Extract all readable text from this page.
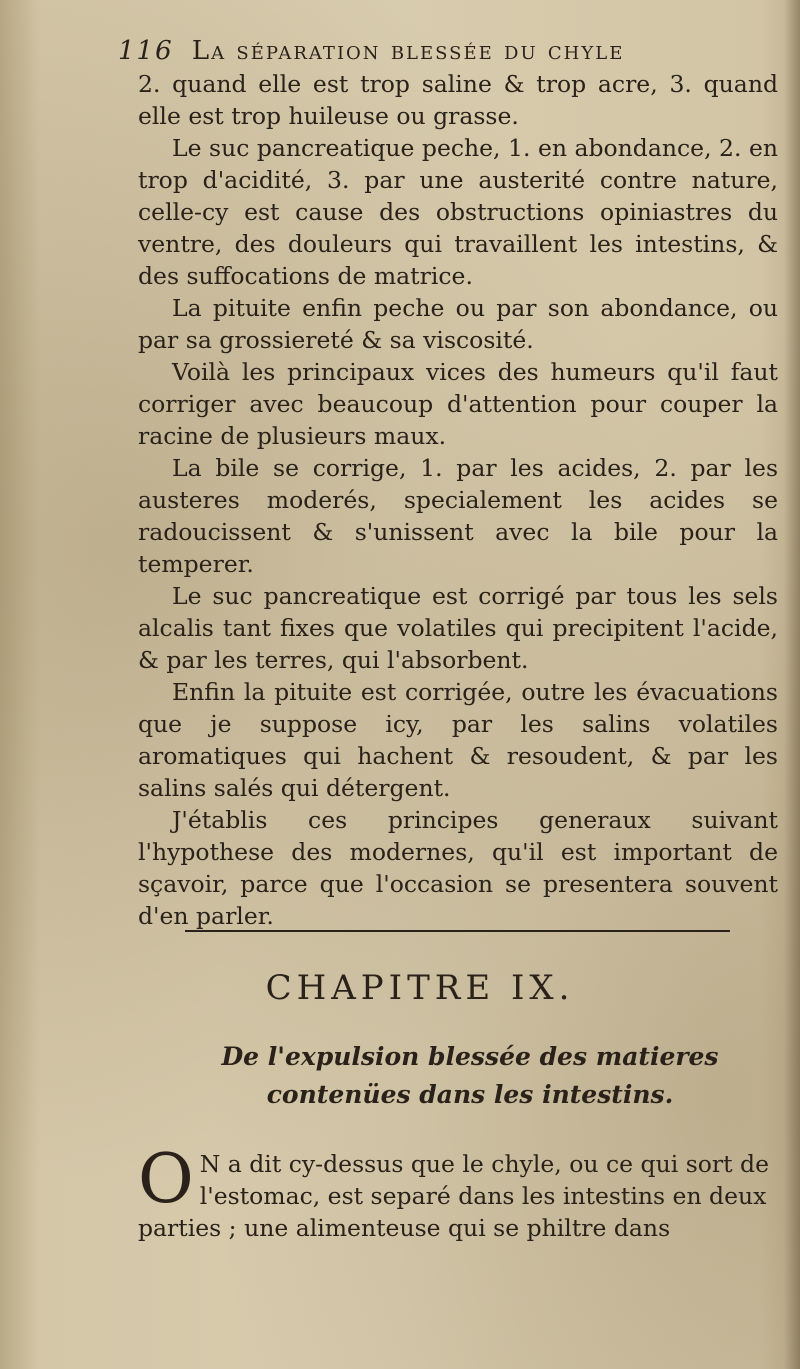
116 La séparation blessée du chyle

2. quand elle est trop saline & trop acre, 3. quand elle est trop huileuse ou grasse.

Le suc pancreatique peche, 1. en abondance, 2. en trop d'acidité, 3. par une austerité contre nature, celle-cy est cause des obstructions opiniastres du ventre, des douleurs qui travaillent les intestins, & des suffocations de matrice.

La pituite enfin peche ou par son abondance, ou par sa grossiereté & sa viscosité.

Voilà les principaux vices des humeurs qu'il faut corriger avec beaucoup d'attention pour couper la racine de plusieurs maux.

La bile se corrige, 1. par les acides, 2. par les austeres moderés, specialement les acides se radoucissent & s'unissent avec la bile pour la temperer.

Le suc pancreatique est corrigé par tous les sels alcalis tant fixes que volatiles qui precipitent l'acide, & par les terres, qui l'absorbent.

Enfin la pituite est corrigée, outre les évacuations que je suppose icy, par les salins volatiles aromatiques qui hachent & resoudent, & par les salins salés qui détergent.

J'établis ces principes generaux suivant l'hypothese des modernes, qu'il est important de sçavoir, parce que l'occasion se presentera souvent d'en parler.

CHAPITRE IX.
De l'expulsion blessée des matieres contenües dans les intestins.
O N a dit cy-dessus que le chyle, ou ce qui sort de l'estomac, est separé dans les intestins en deux parties ; une alimenteuse qui se philtre dans
